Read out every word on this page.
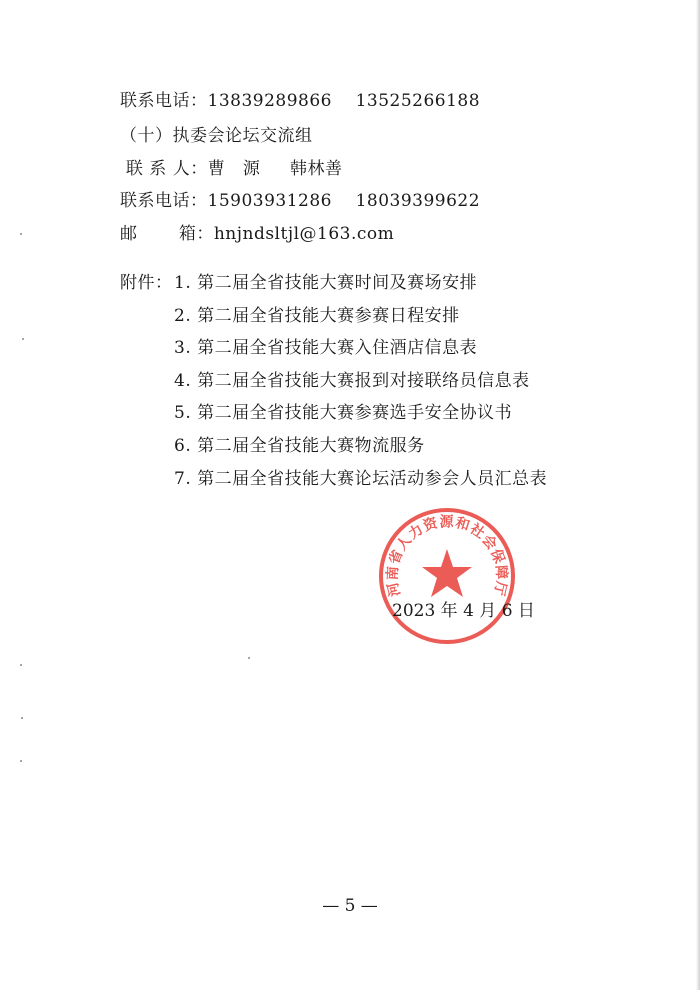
联系电话：13839289866    13525266188
（十）执委会论坛交流组
联 系 人：曹   源     韩林善
联系电话：15903931286    18039399622
邮       箱：hnjndsltjl@163.com
附件： 1. 第二届全省技能大赛时间及赛场安排
2. 第二届全省技能大赛参赛日程安排
3. 第二届全省技能大赛入住酒店信息表
4. 第二届全省技能大赛报到对接联络员信息表
5. 第二届全省技能大赛参赛选手安全协议书
6. 第二届全省技能大赛物流服务
7. 第二届全省技能大赛论坛活动参会人员汇总表
河南省人力资源和社会保障厅
2023 年 4 月 6 日
— 5 —
